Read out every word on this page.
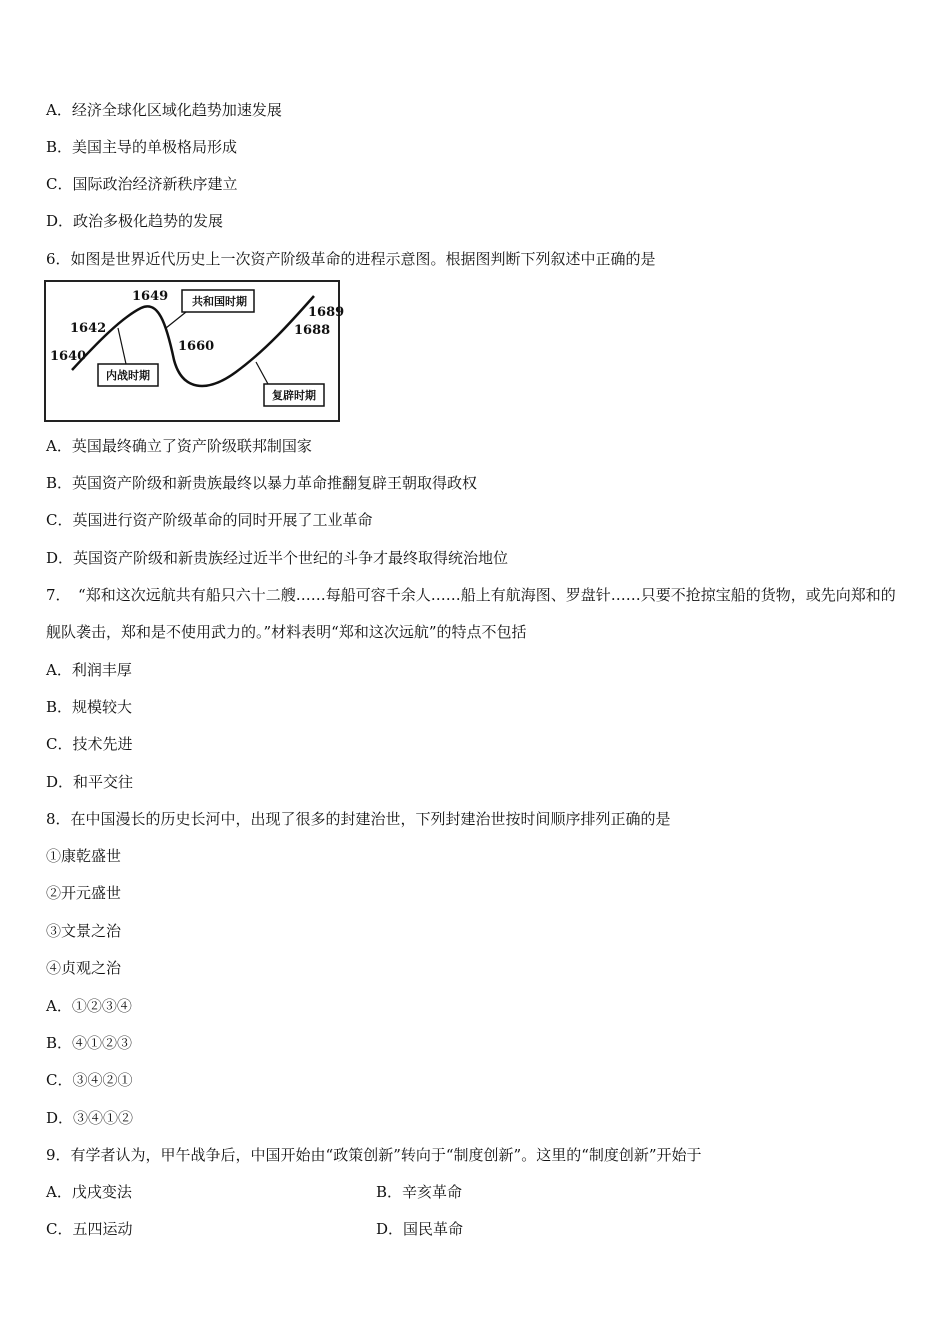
A．经济全球化区域化趋势加速发展
B．美国主导的单极格局形成
C．国际政治经济新秩序建立
D．政治多极化趋势的发展
6．如图是世界近代历史上一次资产阶级革命的进程示意图。根据图判断下列叙述中正确的是
1640
1642
1649
1660
1688
1689
共和国时期
内战时期
复辟时期
A．英国最终确立了资产阶级联邦制国家
B．英国资产阶级和新贵族最终以暴力革命推翻复辟王朝取得政权
C．英国进行资产阶级革命的同时开展了工业革命
D．英国资产阶级和新贵族经过近半个世纪的斗争才最终取得统治地位
7．　“郑和这次远航共有船只六十二艘……每船可容千余人……船上有航海图、罗盘针……只要不抢掠宝船的货物，或先向郑和的舰队袭击，郑和是不使用武力的。”材料表明“郑和这次远航”的特点不包括
A．利润丰厚
B．规模较大
C．技术先进
D．和平交往
8．在中国漫长的历史长河中，出现了很多的封建治世，下列封建治世按时间顺序排列正确的是
①康乾盛世
②开元盛世
③文景之治
④贞观之治
A．①②③④
B．④①②③
C．③④②①
D．③④①②
9．有学者认为，甲午战争后，中国开始由“政策创新”转向于“制度创新”。这里的“制度创新”开始于
A．戊戌变法	B．辛亥革命
C．五四运动	D．国民革命
